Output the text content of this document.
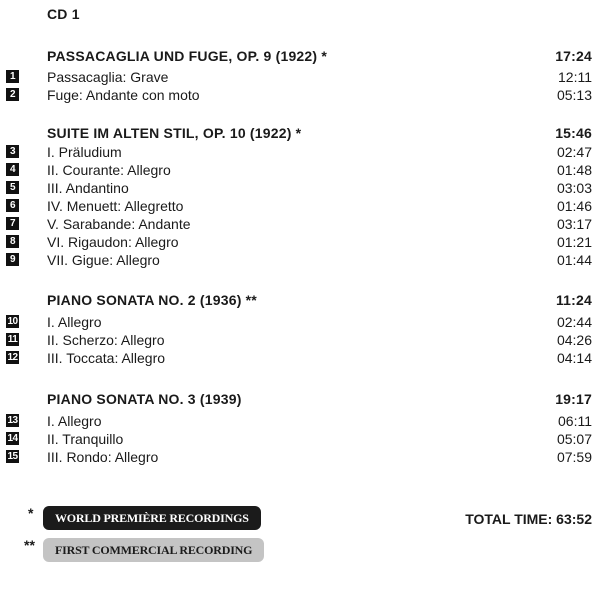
CD 1
PASSACAGLIA UND FUGE, OP. 9 (1922) *	17:24
1 Passacaglia: Grave	12:11
2 Fuge: Andante con moto	05:13
SUITE IM ALTEN STIL, OP. 10 (1922) *	15:46
3 I. Präludium	02:47
4 II. Courante: Allegro	01:48
5 III. Andantino	03:03
6 IV. Menuett: Allegretto	01:46
7 V. Sarabande: Andante	03:17
8 VI. Rigaudon: Allegro	01:21
9 VII. Gigue: Allegro	01:44
PIANO SONATA NO. 2 (1936) **	11:24
10 I. Allegro	02:44
11 II. Scherzo: Allegro	04:26
12 III. Toccata: Allegro	04:14
PIANO SONATA NO. 3 (1939)	19:17
13 I. Allegro	06:11
14 II. Tranquillo	05:07
15 III. Rondo: Allegro	07:59
*	WORLD PREMIÈRE RECORDINGS
**	FIRST COMMERCIAL RECORDING
TOTAL TIME: 63:52
